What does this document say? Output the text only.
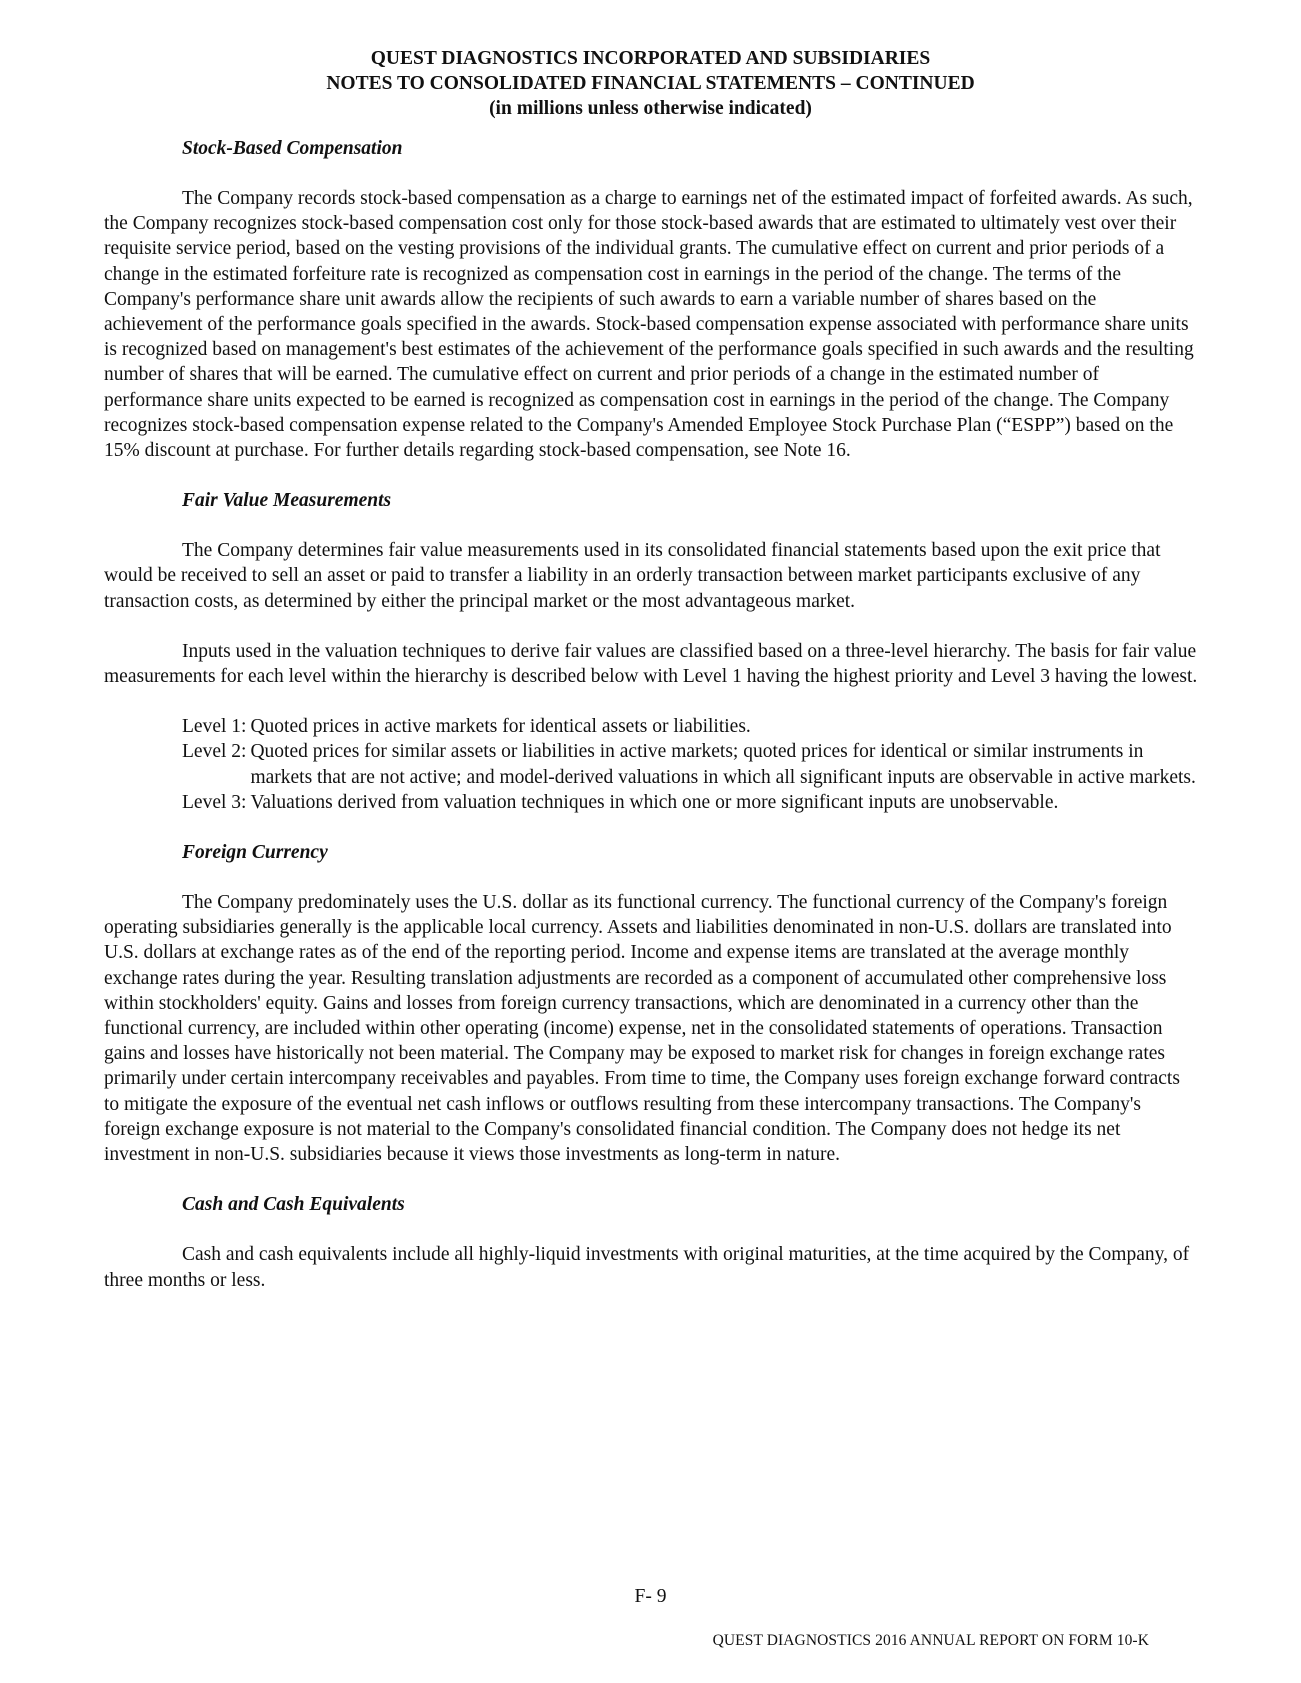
QUEST DIAGNOSTICS INCORPORATED AND SUBSIDIARIES
NOTES TO CONSOLIDATED FINANCIAL STATEMENTS – CONTINUED
(in millions unless otherwise indicated)
Stock-Based Compensation

The Company records stock-based compensation as a charge to earnings net of the estimated impact of forfeited awards. As such, the Company recognizes stock-based compensation cost only for those stock-based awards that are estimated to ultimately vest over their requisite service period, based on the vesting provisions of the individual grants. The cumulative effect on current and prior periods of a change in the estimated forfeiture rate is recognized as compensation cost in earnings in the period of the change. The terms of the Company's performance share unit awards allow the recipients of such awards to earn a variable number of shares based on the achievement of the performance goals specified in the awards. Stock-based compensation expense associated with performance share units is recognized based on management's best estimates of the achievement of the performance goals specified in such awards and the resulting number of shares that will be earned. The cumulative effect on current and prior periods of a change in the estimated number of performance share units expected to be earned is recognized as compensation cost in earnings in the period of the change. The Company recognizes stock-based compensation expense related to the Company's Amended Employee Stock Purchase Plan (“ESPP”) based on the 15% discount at purchase. For further details regarding stock-based compensation, see Note 16.

Fair Value Measurements

The Company determines fair value measurements used in its consolidated financial statements based upon the exit price that would be received to sell an asset or paid to transfer a liability in an orderly transaction between market participants exclusive of any transaction costs, as determined by either the principal market or the most advantageous market.

Inputs used in the valuation techniques to derive fair values are classified based on a three-level hierarchy. The basis for fair value measurements for each level within the hierarchy is described below with Level 1 having the highest priority and Level 3 having the lowest.

Level 1: Quoted prices in active markets for identical assets or liabilities.
Level 2: Quoted prices for similar assets or liabilities in active markets; quoted prices for identical or similar instruments in markets that are not active; and model-derived valuations in which all significant inputs are observable in active markets.
Level 3: Valuations derived from valuation techniques in which one or more significant inputs are unobservable.
Foreign Currency

The Company predominately uses the U.S. dollar as its functional currency. The functional currency of the Company's foreign operating subsidiaries generally is the applicable local currency. Assets and liabilities denominated in non-U.S. dollars are translated into U.S. dollars at exchange rates as of the end of the reporting period. Income and expense items are translated at the average monthly exchange rates during the year. Resulting translation adjustments are recorded as a component of accumulated other comprehensive loss within stockholders' equity. Gains and losses from foreign currency transactions, which are denominated in a currency other than the functional currency, are included within other operating (income) expense, net in the consolidated statements of operations. Transaction gains and losses have historically not been material. The Company may be exposed to market risk for changes in foreign exchange rates primarily under certain intercompany receivables and payables. From time to time, the Company uses foreign exchange forward contracts to mitigate the exposure of the eventual net cash inflows or outflows resulting from these intercompany transactions. The Company's foreign exchange exposure is not material to the Company's consolidated financial condition. The Company does not hedge its net investment in non-U.S. subsidiaries because it views those investments as long-term in nature.

Cash and Cash Equivalents

Cash and cash equivalents include all highly-liquid investments with original maturities, at the time acquired by the Company, of three months or less.

F- 9
QUEST DIAGNOSTICS 2016 ANNUAL REPORT ON FORM 10-K
